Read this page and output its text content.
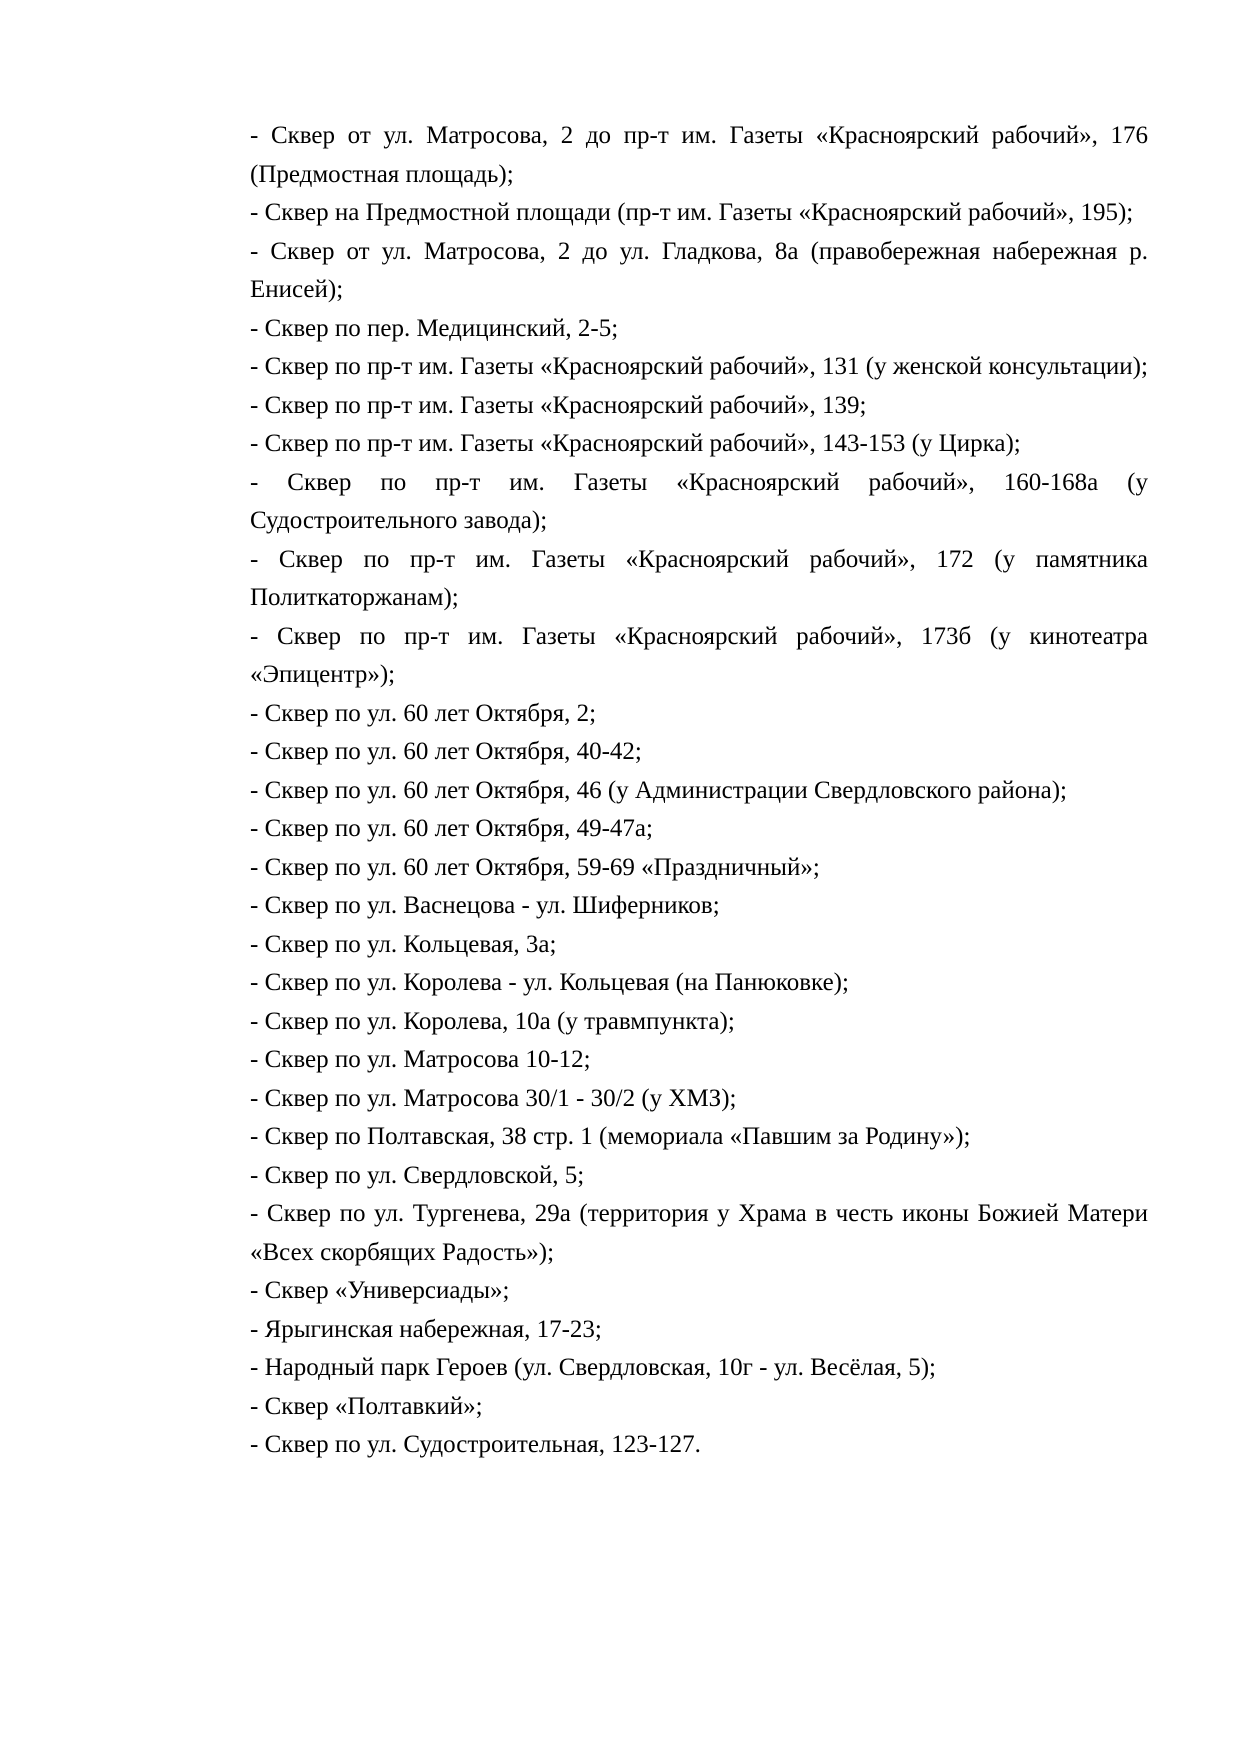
- Сквер от ул. Матросова, 2 до пр-т им. Газеты «Красноярский рабочий», 176 (Предмостная площадь);

- Сквер на Предмостной площади (пр-т им. Газеты «Красноярский рабочий», 195);

- Сквер от ул. Матросова, 2 до ул. Гладкова, 8а (правобережная набережная р. Енисей);

- Сквер по пер. Медицинский, 2-5;

- Сквер по пр-т им. Газеты «Красноярский рабочий», 131 (у женской консультации);

- Сквер по пр-т им. Газеты «Красноярский рабочий», 139;

- Сквер по пр-т им. Газеты «Красноярский рабочий», 143-153 (у Цирка);

- Сквер по пр-т им. Газеты «Красноярский рабочий», 160-168а (у Судостроительного завода);

- Сквер по пр-т им. Газеты «Красноярский рабочий», 172 (у памятника Политкаторжанам);

- Сквер по пр-т им. Газеты «Красноярский рабочий», 173б (у кинотеатра «Эпицентр»);

- Сквер по ул. 60 лет Октября, 2;

- Сквер по ул. 60 лет Октября, 40-42;

- Сквер по ул. 60 лет Октября, 46 (у Администрации Свердловского района);

- Сквер по ул. 60 лет Октября, 49-47а;

- Сквер по ул. 60 лет Октября, 59-69 «Праздничный»;

- Сквер по ул. Васнецова - ул. Шиферников;

- Сквер по ул. Кольцевая, 3а;

- Сквер по ул. Королева - ул. Кольцевая (на Панюковке);

- Сквер по ул. Королева, 10а (у травмпункта);

- Сквер по ул. Матросова 10-12;

- Сквер по ул. Матросова 30/1 - 30/2 (у ХМЗ);

- Сквер по Полтавская, 38 стр. 1 (мемориала «Павшим за Родину»);

- Сквер по ул. Свердловской, 5;

- Сквер по ул. Тургенева, 29а (территория у Храма в честь иконы Божией Матери «Всех скорбящих Радость»);

- Сквер «Универсиады»;

- Ярыгинская набережная, 17-23;

- Народный парк Героев (ул. Свердловская, 10г - ул. Весёлая, 5);

- Сквер «Полтавкий»;

- Сквер по ул. Судостроительная, 123-127.
